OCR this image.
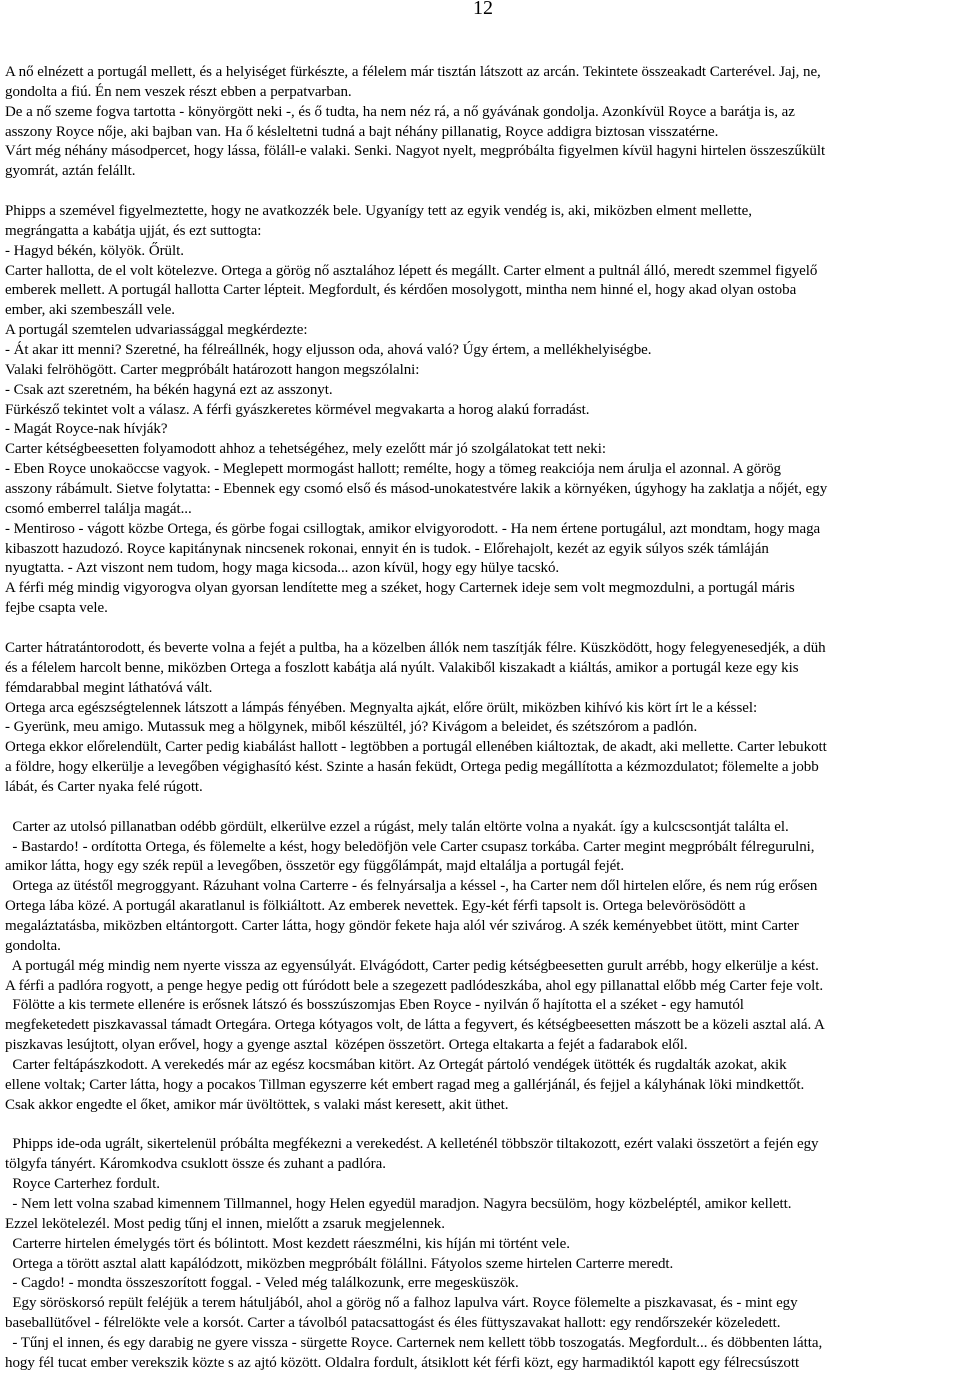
12
A nő elnézett a portugál mellett, és a helyiséget fürkészte, a félelem már tisztán látszott az arcán. Tekintete összeakadt Carterével. Jaj, ne,
gondolta a fiú. Én nem veszek részt ebben a perpatvarban.
De a nő szeme fogva tartotta - könyörgött neki -, és ő tudta, ha nem néz rá, a nő gyávának gondolja. Azonkívül Royce a barátja is, az
asszony Royce nője, aki bajban van. Ha ő késleltetni tudná a bajt néhány pillanatig, Royce addigra biztosan visszatérne.
Várt még néhány másodpercet, hogy lássa, föláll-e valaki. Senki. Nagyot nyelt, megpróbálta figyelmen kívül hagyni hirtelen összeszűkült
gyomrát, aztán felállt.
Phipps a szemével figyelmeztette, hogy ne avatkozzék bele. Ugyanígy tett az egyik vendég is, aki, miközben elment mellette,
megrángatta a kabátja ujját, és ezt suttogta:
- Hagyd békén, kölyök. Őrült.
Carter hallotta, de el volt kötelezve. Ortega a görög nő asztalához lépett és megállt. Carter elment a pultnál álló, meredt szemmel figyelő
emberek mellett. A portugál hallotta Carter lépteit. Megfordult, és kérdően mosolygott, mintha nem hinné el, hogy akad olyan ostoba
ember, aki szembeszáll vele.
A portugál szemtelen udvariassággal megkérdezte:
- Át akar itt menni? Szeretné, ha félreállnék, hogy eljusson oda, ahová való? Úgy értem, a mellékhelyiségbe.
Valaki felröhögött. Carter megpróbált határozott hangon megszólalni:
- Csak azt szeretném, ha békén hagyná ezt az asszonyt.
Fürkésző tekintet volt a válasz. A férfi gyászkeretes körmével megvakarta a horog alakú forradást.
- Magát Royce-nak hívják?
Carter kétségbeesetten folyamodott ahhoz a tehetségéhez, mely ezelőtt már jó szolgálatokat tett neki:
- Eben Royce unokaöccse vagyok. - Meglepett mormogást hallott; remélte, hogy a tömeg reakciója nem árulja el azonnal. A görög
asszony rábámult. Sietve folytatta: - Ebennek egy csomó első és másod-unokatestvére lakik a környéken, úgyhogy ha zaklatja a nőjét, egy
csomó emberrel találja magát...
- Mentiroso - vágott közbe Ortega, és görbe fogai csillogtak, amikor elvigyorodott. - Ha nem értene portugálul, azt mondtam, hogy maga
kibaszott hazudozó. Royce kapitánynak nincsenek rokonai, ennyit én is tudok. - Előrehajolt, kezét az egyik súlyos szék támláján
nyugtatta. - Azt viszont nem tudom, hogy maga kicsoda... azon kívül, hogy egy hülye tacskó.
A férfi még mindig vigyorogva olyan gyorsan lendítette meg a széket, hogy Carternek ideje sem volt megmozdulni, a portugál máris
fejbe csapta vele.
Carter hátratántorodott, és beverte volna a fejét a pultba, ha a közelben állók nem taszítják félre. Küszködött, hogy felegyenesedjék, a düh
és a félelem harcolt benne, miközben Ortega a foszlott kabátja alá nyúlt. Valakiből kiszakadt a kiáltás, amikor a portugál keze egy kis
fémdarabbal megint láthatóvá vált.
Ortega arca egészségtelennek látszott a lámpás fényében. Megnyalta ajkát, előre örült, miközben kihívó kis kört írt le a késsel:
- Gyerünk, meu amigo. Mutassuk meg a hölgynek, miből készültél, jó? Kivágom a beleidet, és szétszórom a padlón.
Ortega ekkor előrelendült, Carter pedig kiabálást hallott - legtöbben a portugál ellenében kiáltoztak, de akadt, aki mellette. Carter lebukott
a földre, hogy elkerülje a levegőben végighasító kést. Szinte a hasán feküdt, Ortega pedig megállította a kézmozdulatot; fölemelte a jobb
lábát, és Carter nyaka felé rúgott.
Carter az utolsó pillanatban odébb gördült, elkerülve ezzel a rúgást, mely talán eltörte volna a nyakát. így a kulcscsontját találta el.
- Bastardo! - ordította Ortega, és fölemelte a kést, hogy beledöfjön vele Carter csupasz torkába. Carter megint megpróbált félregurulni,
amikor látta, hogy egy szék repül a levegőben, összetör egy függőlámpát, majd eltalálja a portugál fejét.
Ortega az ütéstől megroggyant. Rázuhant volna Carterre - és felnyársalja a késsel -, ha Carter nem dől hirtelen előre, és nem rúg erősen
Ortega lába közé. A portugál akaratlanul is fölkiáltott. Az emberek nevettek. Egy-két férfi tapsolt is. Ortega belevörösödött a
megaláztatásba, miközben eltántorgott. Carter látta, hogy göndör fekete haja alól vér szivárog. A szék keményebbet ütött, mint Carter
gondolta.
A portugál még mindig nem nyerte vissza az egyensúlyát. Elvágódott, Carter pedig kétségbeesetten gurult arrébb, hogy elkerülje a kést.
A férfi a padlóra rogyott, a penge hegye pedig ott fúródott bele a szegezett padlódeszkába, ahol egy pillanattal előbb még Carter feje volt.
Fölötte a kis termete ellenére is erősnek látszó és bosszúszomjas Eben Royce - nyilván ő hajította el a széket - egy hamutól
megfeketedett piszkavassal támadt Ortegára. Ortega kótyagos volt, de látta a fegyvert, és kétségbeesetten mászott be a közeli asztal alá. A
piszkavas lesújtott, olyan erővel, hogy a gyenge asztal  középen összetört. Ortega eltakarta a fejét a fadarabok elől.
Carter feltápászkodott. A verekedés már az egész kocsmában kitört. Az Ortegát pártoló vendégek ütötték és rugdalták azokat, akik
ellene voltak; Carter látta, hogy a pocakos Tillman egyszerre két embert ragad meg a gallérjánál, és fejjel a kályhának löki mindkettőt.
Csak akkor engedte el őket, amikor már üvöltöttek, s valaki mást keresett, akit üthet.
Phipps ide-oda ugrált, sikertelenül próbálta megfékezni a verekedést. A kelleténél többször tiltakozott, ezért valaki összetört a fején egy
tölgyfa tányért. Káromkodva csuklott össze és zuhant a padlóra.
Royce Carterhez fordult.
- Nem lett volna szabad kimennem Tillmannel, hogy Helen egyedül maradjon. Nagyra becsülöm, hogy közbeléptél, amikor kellett.
Ezzel lekötelezél. Most pedig tűnj el innen, mielőtt a zsaruk megjelennek.
Carterre hirtelen émelygés tört és bólintott. Most kezdett ráeszmélni, kis híján mi történt vele.
Ortega a törött asztal alatt kapálódzott, miközben megpróbált fölállni. Fátyolos szeme hirtelen Carterre meredt.
- Cagdo! - mondta összeszorított foggal. - Veled még találkozunk, erre megesküszök.
Egy söröskorsó repült feléjük a terem hátuljából, ahol a görög nő a falhoz lapulva várt. Royce fölemelte a piszkavasat, és - mint egy
baseballütővel - félrelökte vele a korsót. Carter a távolból patacsattogást és éles füttyszavakat hallott: egy rendőrszekér közeledett.
- Tűnj el innen, és egy darabig ne gyere vissza - sürgette Royce. Carternek nem kellett több toszogatás. Megfordult... és döbbenten látta,
hogy fél tucat ember verekszik közte s az ajtó között. Oldalra fordult, átsiklott két férfi közt, egy harmadiktól kapott egy félrecsúszott
